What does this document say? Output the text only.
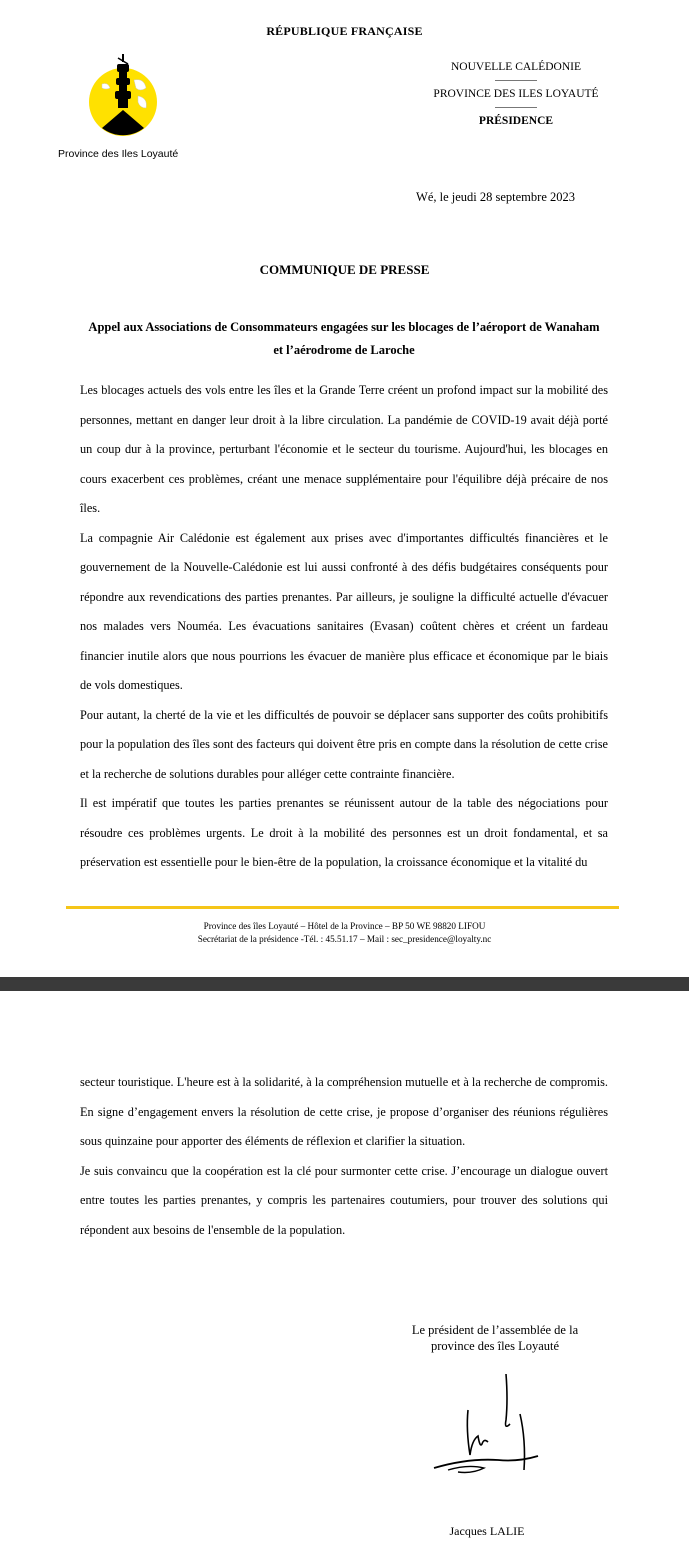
RÉPUBLIQUE FRANÇAISE
Province des Iles Loyauté
NOUVELLE CALÉDONIE
PROVINCE DES ILES LOYAUTÉ
PRÉSIDENCE
Wé, le jeudi 28 septembre 2023
COMMUNIQUE DE PRESSE
Appel aux Associations de Consommateurs engagées sur les blocages de l’aéroport de Wanaham
et l’aérodrome de Laroche

Les blocages actuels des vols entre les îles et la Grande Terre créent un profond impact sur la mobilité des personnes, mettant en danger leur droit à la libre circulation. La pandémie de COVID-19 avait déjà porté un coup dur à la province, perturbant l'économie et le secteur du tourisme. Aujourd'hui, les blocages en cours exacerbent ces problèmes, créant une menace supplémentaire pour l'équilibre déjà précaire de nos îles.

La compagnie Air Calédonie est également aux prises avec d'importantes difficultés financières et le gouvernement de la Nouvelle-Calédonie est lui aussi confronté à des défis budgétaires conséquents pour répondre aux revendications des parties prenantes. Par ailleurs, je souligne la difficulté actuelle d'évacuer nos malades vers Nouméa. Les évacuations sanitaires (Evasan) coûtent chères et créent un fardeau financier inutile alors que nous pourrions les évacuer de manière plus efficace et économique par le biais de vols domestiques.

Pour autant, la cherté de la vie et les difficultés de pouvoir se déplacer sans supporter des coûts prohibitifs pour la population des îles sont des facteurs qui doivent être pris en compte dans la résolution de cette crise et la recherche de solutions durables pour alléger cette contrainte financière.

Il est impératif que toutes les parties prenantes se réunissent autour de la table des négociations pour résoudre ces problèmes urgents. Le droit à la mobilité des personnes est un droit fondamental, et sa préservation est essentielle pour le bien-être de la population, la croissance économique et la vitalité du

Province des îles Loyauté – Hôtel de la Province – BP 50 WE 98820 LIFOU
Secrétariat de la présidence -Tél. : 45.51.17 – Mail : sec_presidence@loyalty.nc

secteur touristique. L'heure est à la solidarité, à la compréhension mutuelle et à la recherche de compromis. En signe d’engagement envers la résolution de cette crise, je propose d’organiser des réunions régulières sous quinzaine pour apporter des éléments de réflexion et clarifier la situation.

Je suis convaincu que la coopération est la clé pour surmonter cette crise. J’encourage un dialogue ouvert entre toutes les parties prenantes, y compris les partenaires coutumiers, pour trouver des solutions qui répondent aux besoins de l'ensemble de la population.

Le président de l’assemblée de la
province des îles Loyauté
Jacques LALIE
